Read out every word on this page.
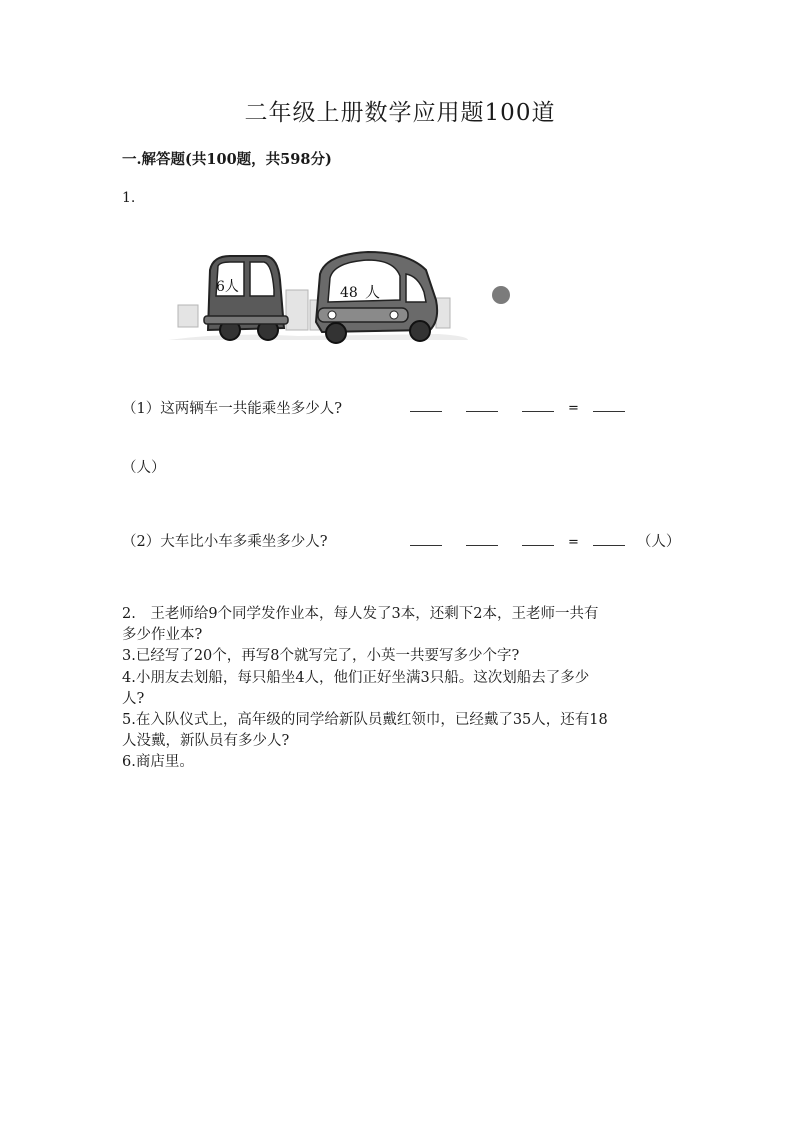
二年级上册数学应用题100道
一.解答题(共100题，共598分)
1.
6人	48 人
（1）这两辆车一共能乘坐多少人?	=
（人）
（2）大车比小车多乘坐多少人?	=	（人）
2.　王老师给9个同学发作业本，每人发了3本，还剩下2本，王老师一共有
多少作业本?
3.已经写了20个，再写8个就写完了，小英一共要写多少个字?
4.小朋友去划船，每只船坐4人，他们正好坐满3只船。这次划船去了多少
人?
5.在入队仪式上，高年级的同学给新队员戴红领巾，已经戴了35人，还有18
人没戴，新队员有多少人?
6.商店里。
